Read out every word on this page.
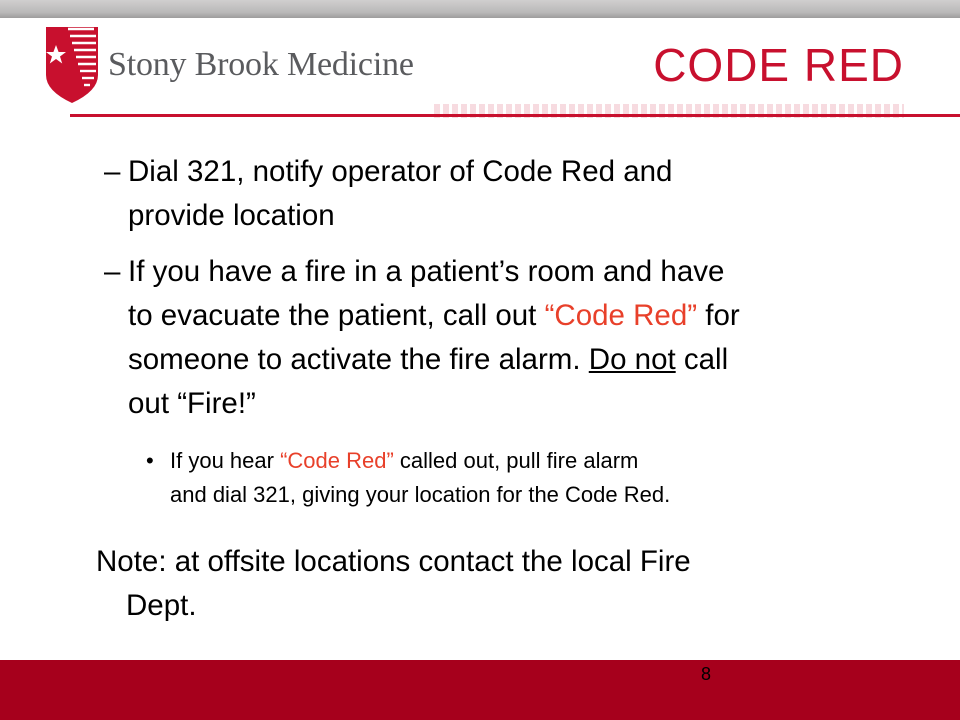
Stony Brook Medicine	CODE RED
– Dial 321, notify operator of Code Red and
provide location
– If you have a fire in a patient’s room and have
to evacuate the patient, call out “Code Red” for
someone to activate the fire alarm. Do not call
out “Fire!”
• If you hear “Code Red” called out, pull fire alarm
and dial 321, giving your location for the Code Red.
Note: at offsite locations contact the local Fire
Dept.
8
